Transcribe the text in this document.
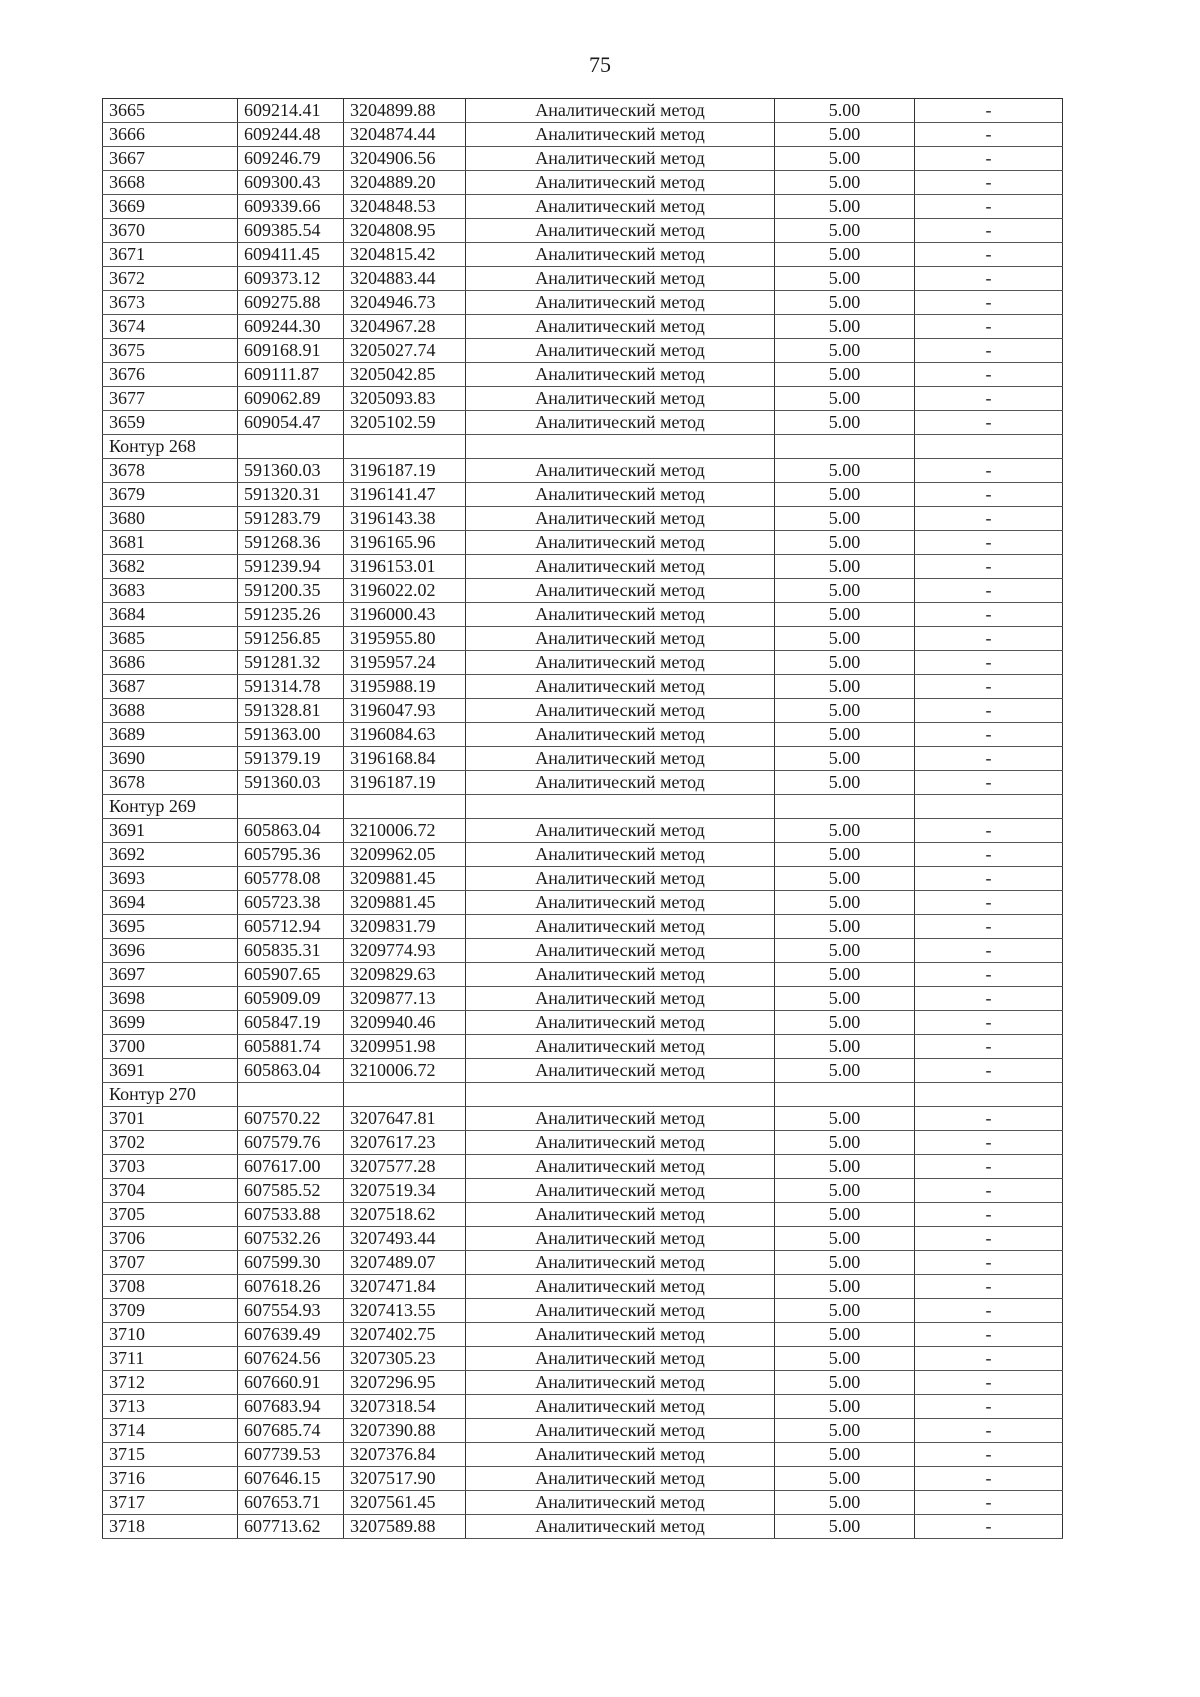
75
3665	609214.41	3204899.88	Аналитический метод	5.00	-
3666	609244.48	3204874.44	Аналитический метод	5.00	-
3667	609246.79	3204906.56	Аналитический метод	5.00	-
3668	609300.43	3204889.20	Аналитический метод	5.00	-
3669	609339.66	3204848.53	Аналитический метод	5.00	-
3670	609385.54	3204808.95	Аналитический метод	5.00	-
3671	609411.45	3204815.42	Аналитический метод	5.00	-
3672	609373.12	3204883.44	Аналитический метод	5.00	-
3673	609275.88	3204946.73	Аналитический метод	5.00	-
3674	609244.30	3204967.28	Аналитический метод	5.00	-
3675	609168.91	3205027.74	Аналитический метод	5.00	-
3676	609111.87	3205042.85	Аналитический метод	5.00	-
3677	609062.89	3205093.83	Аналитический метод	5.00	-
3659	609054.47	3205102.59	Аналитический метод	5.00	-
Контур 268					
3678	591360.03	3196187.19	Аналитический метод	5.00	-
3679	591320.31	3196141.47	Аналитический метод	5.00	-
3680	591283.79	3196143.38	Аналитический метод	5.00	-
3681	591268.36	3196165.96	Аналитический метод	5.00	-
3682	591239.94	3196153.01	Аналитический метод	5.00	-
3683	591200.35	3196022.02	Аналитический метод	5.00	-
3684	591235.26	3196000.43	Аналитический метод	5.00	-
3685	591256.85	3195955.80	Аналитический метод	5.00	-
3686	591281.32	3195957.24	Аналитический метод	5.00	-
3687	591314.78	3195988.19	Аналитический метод	5.00	-
3688	591328.81	3196047.93	Аналитический метод	5.00	-
3689	591363.00	3196084.63	Аналитический метод	5.00	-
3690	591379.19	3196168.84	Аналитический метод	5.00	-
3678	591360.03	3196187.19	Аналитический метод	5.00	-
Контур 269					
3691	605863.04	3210006.72	Аналитический метод	5.00	-
3692	605795.36	3209962.05	Аналитический метод	5.00	-
3693	605778.08	3209881.45	Аналитический метод	5.00	-
3694	605723.38	3209881.45	Аналитический метод	5.00	-
3695	605712.94	3209831.79	Аналитический метод	5.00	-
3696	605835.31	3209774.93	Аналитический метод	5.00	-
3697	605907.65	3209829.63	Аналитический метод	5.00	-
3698	605909.09	3209877.13	Аналитический метод	5.00	-
3699	605847.19	3209940.46	Аналитический метод	5.00	-
3700	605881.74	3209951.98	Аналитический метод	5.00	-
3691	605863.04	3210006.72	Аналитический метод	5.00	-
Контур 270					
3701	607570.22	3207647.81	Аналитический метод	5.00	-
3702	607579.76	3207617.23	Аналитический метод	5.00	-
3703	607617.00	3207577.28	Аналитический метод	5.00	-
3704	607585.52	3207519.34	Аналитический метод	5.00	-
3705	607533.88	3207518.62	Аналитический метод	5.00	-
3706	607532.26	3207493.44	Аналитический метод	5.00	-
3707	607599.30	3207489.07	Аналитический метод	5.00	-
3708	607618.26	3207471.84	Аналитический метод	5.00	-
3709	607554.93	3207413.55	Аналитический метод	5.00	-
3710	607639.49	3207402.75	Аналитический метод	5.00	-
3711	607624.56	3207305.23	Аналитический метод	5.00	-
3712	607660.91	3207296.95	Аналитический метод	5.00	-
3713	607683.94	3207318.54	Аналитический метод	5.00	-
3714	607685.74	3207390.88	Аналитический метод	5.00	-
3715	607739.53	3207376.84	Аналитический метод	5.00	-
3716	607646.15	3207517.90	Аналитический метод	5.00	-
3717	607653.71	3207561.45	Аналитический метод	5.00	-
3718	607713.62	3207589.88	Аналитический метод	5.00	-
